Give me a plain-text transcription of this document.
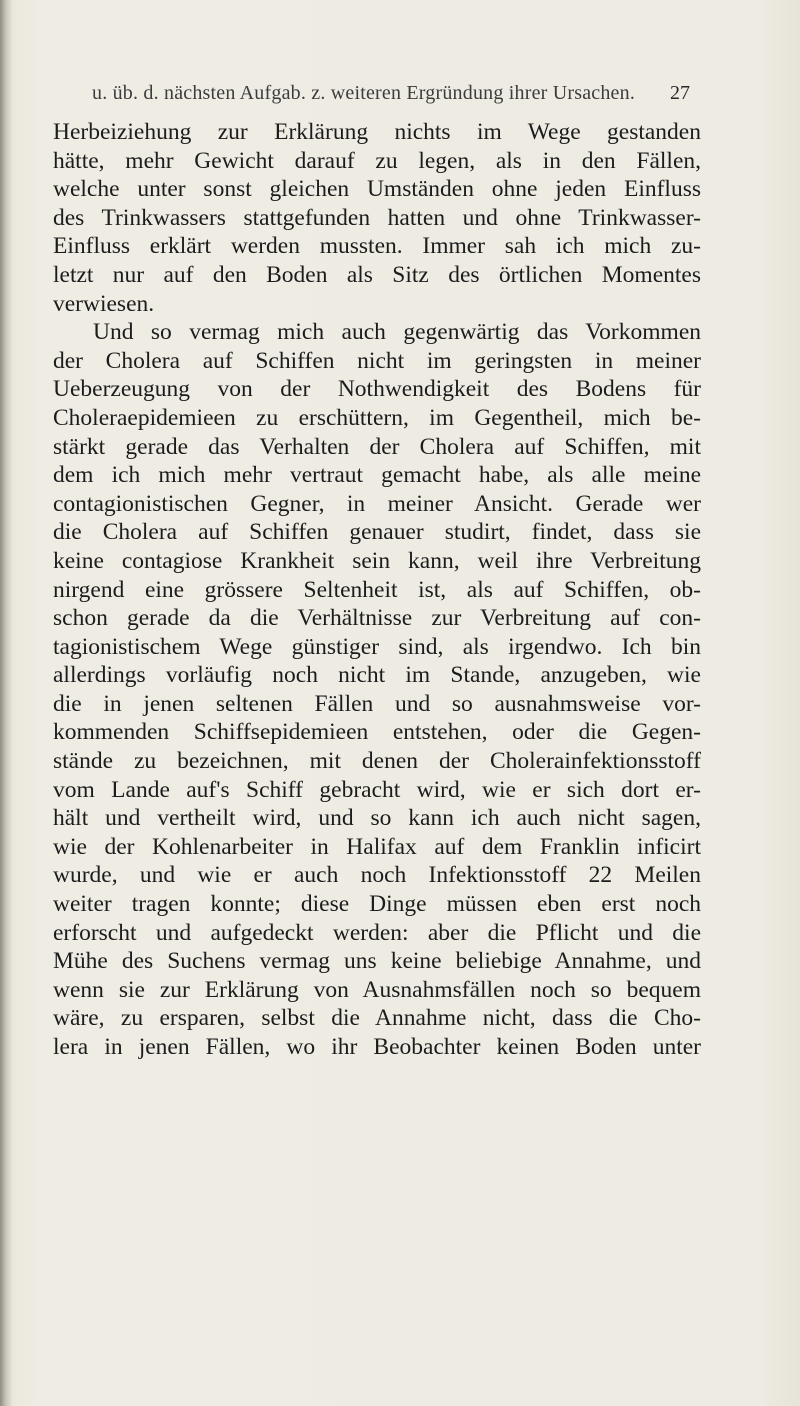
u. üb. d. nächsten Aufgab. z. weiteren Ergründung ihrer Ursachen.	27
Herbeiziehung zur Erklärung nichts im Wege gestanden
hätte, mehr Gewicht darauf zu legen, als in den Fällen,
welche unter sonst gleichen Umständen ohne jeden Einfluss
des Trinkwassers stattgefunden hatten und ohne Trinkwasser-
Einfluss erklärt werden mussten. Immer sah ich mich zu-
letzt nur auf den Boden als Sitz des örtlichen Momentes
verwiesen.
Und so vermag mich auch gegenwärtig das Vorkommen
der Cholera auf Schiffen nicht im geringsten in meiner
Ueberzeugung von der Nothwendigkeit des Bodens für
Choleraepidemieen zu erschüttern, im Gegentheil, mich be-
stärkt gerade das Verhalten der Cholera auf Schiffen, mit
dem ich mich mehr vertraut gemacht habe, als alle meine
contagionistischen Gegner, in meiner Ansicht. Gerade wer
die Cholera auf Schiffen genauer studirt, findet, dass sie
keine contagiose Krankheit sein kann, weil ihre Verbreitung
nirgend eine grössere Seltenheit ist, als auf Schiffen, ob-
schon gerade da die Verhältnisse zur Verbreitung auf con-
tagionistischem Wege günstiger sind, als irgendwo. Ich bin
allerdings vorläufig noch nicht im Stande, anzugeben, wie
die in jenen seltenen Fällen und so ausnahmsweise vor-
kommenden Schiffsepidemieen entstehen, oder die Gegen-
stände zu bezeichnen, mit denen der Cholerainfektionsstoff
vom Lande auf's Schiff gebracht wird, wie er sich dort er-
hält und vertheilt wird, und so kann ich auch nicht sagen,
wie der Kohlenarbeiter in Halifax auf dem Franklin inficirt
wurde, und wie er auch noch Infektionsstoff 22 Meilen
weiter tragen konnte; diese Dinge müssen eben erst noch
erforscht und aufgedeckt werden: aber die Pflicht und die
Mühe des Suchens vermag uns keine beliebige Annahme, und
wenn sie zur Erklärung von Ausnahmsfällen noch so bequem
wäre, zu ersparen, selbst die Annahme nicht, dass die Cho-
lera in jenen Fällen, wo ihr Beobachter keinen Boden unter
